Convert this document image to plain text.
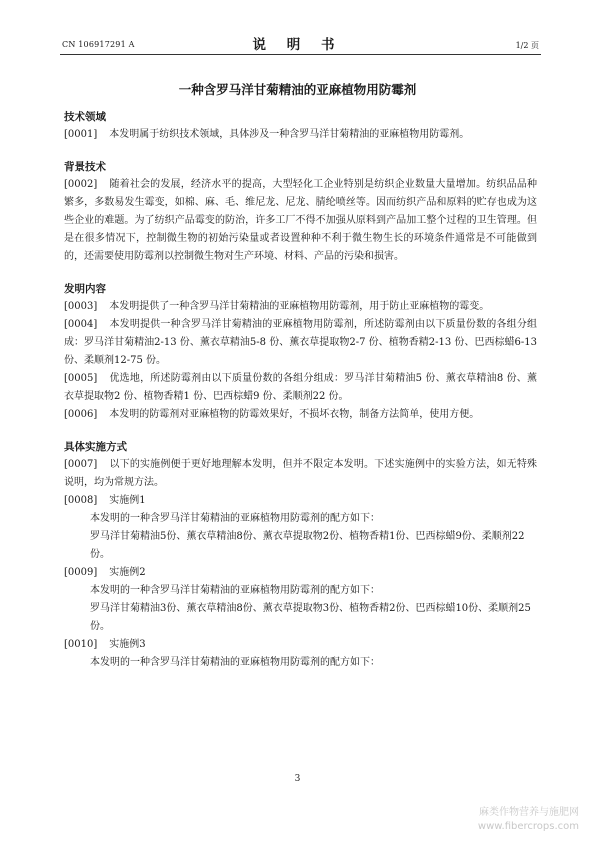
CN 106917291 A	说 明 书	1/2 页
一种含罗马洋甘菊精油的亚麻植物用防霉剂

技术领域

[0001] 本发明属于纺织技术领域，具体涉及一种含罗马洋甘菊精油的亚麻植物用防霉剂。

背景技术

[0002] 随着社会的发展，经济水平的提高，大型轻化工企业特别是纺织企业数量大量增加。纺织品品种繁多，多数易发生霉变，如棉、麻、毛、维尼龙、尼龙、腈纶喷丝等。因而纺织产品和原料的贮存也成为这些企业的难题。为了纺织产品霉变的防治，许多工厂不得不加强从原料到产品加工整个过程的卫生管理。但是在很多情况下，控制微生物的初始污染量或者设置种种不利于微生物生长的环境条件通常是不可能做到的，还需要使用防霉剂以控制微生物对生产环境、材料、产品的污染和损害。

发明内容

[0003] 本发明提供了一种含罗马洋甘菊精油的亚麻植物用防霉剂，用于防止亚麻植物的霉变。

[0004] 本发明提供一种含罗马洋甘菊精油的亚麻植物用防霉剂，所述防霉剂由以下质量份数的各组分组成：罗马洋甘菊精油2-13 份、薰衣草精油5-8 份、薰衣草提取物2-7 份、植物香精2-13 份、巴西棕蜡6-13 份、柔顺剂12-75 份。

[0005] 优选地，所述防霉剂由以下质量份数的各组分组成：罗马洋甘菊精油5 份、薰衣草精油8 份、薰衣草提取物2 份、植物香精1 份、巴西棕蜡9 份、柔顺剂22 份。

[0006] 本发明的防霉剂对亚麻植物的防霉效果好，不损坏衣物，制备方法简单，使用方便。

具体实施方式

[0007] 以下的实施例便于更好地理解本发明，但并不限定本发明。下述实施例中的实验方法，如无特殊说明，均为常规方法。

[0008] 实施例1

本发明的一种含罗马洋甘菊精油的亚麻植物用防霉剂的配方如下：

罗马洋甘菊精油5份、薰衣草精油8份、薰衣草提取物2份、植物香精1份、巴西棕蜡9份、柔顺剂22份。

[0009] 实施例2

本发明的一种含罗马洋甘菊精油的亚麻植物用防霉剂的配方如下：

罗马洋甘菊精油3份、薰衣草精油8份、薰衣草提取物3份、植物香精2份、巴西棕蜡10份、柔顺剂25份。

[0010] 实施例3

本发明的一种含罗马洋甘菊精油的亚麻植物用防霉剂的配方如下：

3
麻类作物营养与施肥网
www.fibercrops.com
